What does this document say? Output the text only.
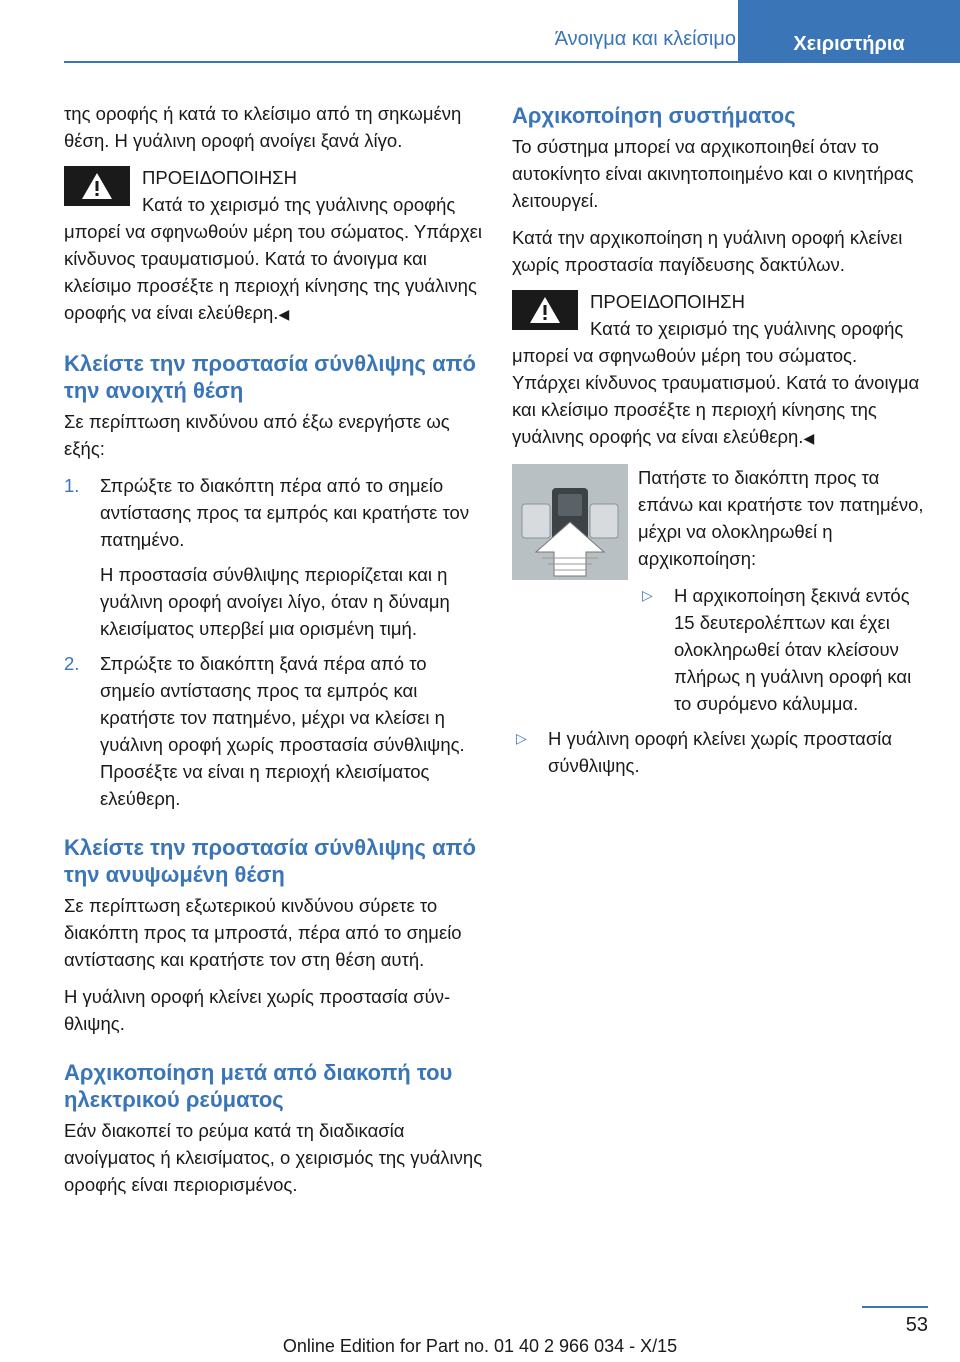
Άνοιγμα και κλείσιμο	Χειριστήρια

της οροφής ή κατά το κλείσιμο από τη σηκωμένη θέση. Η γυάλινη οροφή ανοίγει ξανά λίγο.

ΠΡΟΕΙΔΟΠΟΙΗΣΗ
Κατά το χειρισμό της γυάλινης οροφής μπορεί να σφηνωθούν μέρη του σώματος. Υπάρχει κίνδυνος τραυματισμού. Κατά το άνοιγμα και κλείσιμο προσέξτε η περιοχή κίνησης της γυάλινης οροφής να είναι ελεύθερη.◀
Κλείστε την προστασία σύνθλιψης από την ανοιχτή θέση

Σε περίπτωση κινδύνου από έξω ενεργήστε ως εξής:

1. Σπρώξτε το διακόπτη πέρα από το σημείο αντίστασης προς τα εμπρός και κρατήστε τον πατημένο.

Η προστασία σύνθλιψης περιορίζεται και η γυάλινη οροφή ανοίγει λίγο, όταν η δύναμη κλεισίματος υπερβεί μια ορισμένη τιμή.

2. Σπρώξτε το διακόπτη ξανά πέρα από το σημείο αντίστασης προς τα εμπρός και κρατήστε τον πατημένο, μέχρι να κλείσει η γυάλινη οροφή χωρίς προστασία σύνθλιψης. Προσέξτε να είναι η περιοχή κλεισίματος ελεύθερη.

Κλείστε την προστασία σύνθλιψης από την ανυψωμένη θέση

Σε περίπτωση εξωτερικού κινδύνου σύρετε το διακόπτη προς τα μπροστά, πέρα από το σημείο αντίστασης και κρατήστε τον στη θέση αυτή.

Η γυάλινη οροφή κλείνει χωρίς προστασία σύνθλιψης.

Αρχικοποίηση μετά από διακοπή του ηλεκτρικού ρεύματος

Εάν διακοπεί το ρεύμα κατά τη διαδικασία ανοίγματος ή κλεισίματος, ο χειρισμός της γυάλινης οροφής είναι περιορισμένος.

Αρχικοποίηση συστήματος

Το σύστημα μπορεί να αρχικοποιηθεί όταν το αυτοκίνητο είναι ακινητοποιημένο και ο κινητήρας λειτουργεί.

Κατά την αρχικοποίηση η γυάλινη οροφή κλείνει χωρίς προστασία παγίδευσης δακτύλων.

ΠΡΟΕΙΔΟΠΟΙΗΣΗ
Κατά το χειρισμό της γυάλινης οροφής μπορεί να σφηνωθούν μέρη του σώματος. Υπάρχει κίνδυνος τραυματισμού. Κατά το άνοιγμα και κλείσιμο προσέξτε η περιοχή κίνησης της γυάλινης οροφής να είναι ελεύθερη.◀

Πατήστε το διακόπτη προς τα επάνω και κρατήστε τον πατημένο, μέχρι να ολοκληρωθεί η αρχικοποίηση:

▷ Η αρχικοποίηση ξεκινά εντός 15 δευτερολέπτων και έχει ολοκληρωθεί όταν κλείσουν πλήρως η γυάλινη οροφή και το συρόμενο κάλυμμα.
▷ Η γυάλινη οροφή κλείνει χωρίς προστασία σύνθλιψης.
53
Online Edition for Part no. 01 40 2 966 034 - X/15
